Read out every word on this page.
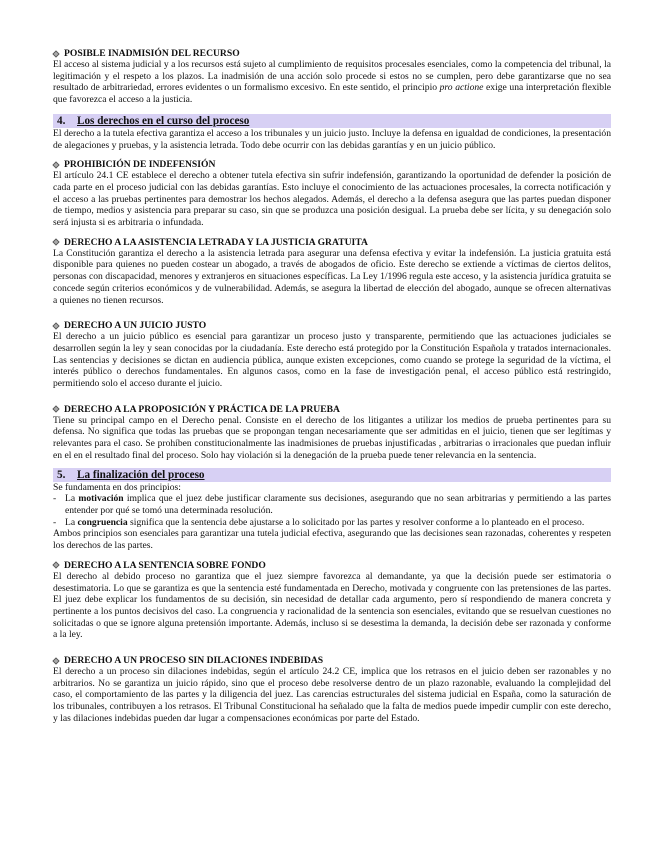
POSIBLE INADMISIÓN DEL RECURSO

El acceso al sistema judicial y a los recursos está sujeto al cumplimiento de requisitos procesales esenciales, como la competencia del tribunal, la legitimación y el respeto a los plazos. La inadmisión de una acción solo procede si estos no se cumplen, pero debe garantizarse que no sea resultado de arbitrariedad, errores evidentes o un formalismo excesivo. En este sentido, el principio pro actione exige una interpretación flexible que favorezca el acceso a la justicia.

4.	Los derechos en el curso del proceso

El derecho a la tutela efectiva garantiza el acceso a los tribunales y un juicio justo. Incluye la defensa en igualdad de condiciones, la presentación de alegaciones y pruebas, y la asistencia letrada. Todo debe ocurrir con las debidas garantías y en un juicio público.

PROHIBICIÓN DE INDEFENSIÓN

El artículo 24.1 CE establece el derecho a obtener tutela efectiva sin sufrir indefensión, garantizando la oportunidad de defender la posición de cada parte en el proceso judicial con las debidas garantías. Esto incluye el conocimiento de las actuaciones procesales, la correcta notificación y el acceso a las pruebas pertinentes para demostrar los hechos alegados. Además, el derecho a la defensa asegura que las partes puedan disponer de tiempo, medios y asistencia para preparar su caso, sin que se produzca una posición desigual. La prueba debe ser lícita, y su denegación solo será injusta si es arbitraria o infundada.

DERECHO A LA ASISTENCIA LETRADA Y LA JUSTICIA GRATUITA

La Constitución garantiza el derecho a la asistencia letrada para asegurar una defensa efectiva y evitar la indefensión. La justicia gratuita está disponible para quienes no pueden costear un abogado, a través de abogados de oficio. Este derecho se extiende a víctimas de ciertos delitos, personas con discapacidad, menores y extranjeros en situaciones específicas. La Ley 1/1996 regula este acceso, y la asistencia jurídica gratuita se concede según criterios económicos y de vulnerabilidad. Además, se asegura la libertad de elección del abogado, aunque se ofrecen alternativas a quienes no tienen recursos.

DERECHO A UN JUICIO JUSTO

El derecho a un juicio público es esencial para garantizar un proceso justo y transparente, permitiendo que las actuaciones judiciales se desarrollen según la ley y sean conocidas por la ciudadanía. Este derecho está protegido por la Constitución Española y tratados internacionales. Las sentencias y decisiones se dictan en audiencia pública, aunque existen excepciones, como cuando se protege la seguridad de la víctima, el interés público o derechos fundamentales. En algunos casos, como en la fase de investigación penal, el acceso público está restringido, permitiendo solo el acceso durante el juicio.

DERECHO A LA PROPOSICIÓN Y PRÁCTICA DE LA PRUEBA

Tiene su principal campo en el Derecho penal. Consiste en el derecho de los litigantes a utilizar los medios de prueba pertinentes para su defensa. No significa que todas las pruebas que se propongan tengan necesariamente que ser admitidas en el juicio, tienen que ser legítimas y relevantes para el caso. Se prohíben constitucionalmente las inadmisiones de pruebas injustificadas , arbitrarias o irracionales que puedan influir en el en el resultado final del proceso. Solo hay violación si la denegación de la prueba puede tener relevancia en la sentencia.

5.	La finalización del proceso

Se fundamenta en dos principios:

- La motivación implica que el juez debe justificar claramente sus decisiones, asegurando que no sean arbitrarias y permitiendo a las partes entender por qué se tomó una determinada resolución.
- La congruencia significa que la sentencia debe ajustarse a lo solicitado por las partes y resolver conforme a lo planteado en el proceso.

Ambos principios son esenciales para garantizar una tutela judicial efectiva, asegurando que las decisiones sean razonadas, coherentes y respeten los derechos de las partes.

DERECHO A LA SENTENCIA SOBRE FONDO

El derecho al debido proceso no garantiza que el juez siempre favorezca al demandante, ya que la decisión puede ser estimatoria o desestimatoria. Lo que se garantiza es que la sentencia esté fundamentada en Derecho, motivada y congruente con las pretensiones de las partes. El juez debe explicar los fundamentos de su decisión, sin necesidad de detallar cada argumento, pero sí respondiendo de manera concreta y pertinente a los puntos decisivos del caso. La congruencia y racionalidad de la sentencia son esenciales, evitando que se resuelvan cuestiones no solicitadas o que se ignore alguna pretensión importante. Además, incluso si se desestima la demanda, la decisión debe ser razonada y conforme a la ley.

DERECHO A UN PROCESO SIN DILACIONES INDEBIDAS

El derecho a un proceso sin dilaciones indebidas, según el artículo 24.2 CE, implica que los retrasos en el juicio deben ser razonables y no arbitrarios. No se garantiza un juicio rápido, sino que el proceso debe resolverse dentro de un plazo razonable, evaluando la complejidad del caso, el comportamiento de las partes y la diligencia del juez. Las carencias estructurales del sistema judicial en España, como la saturación de los tribunales, contribuyen a los retrasos. El Tribunal Constitucional ha señalado que la falta de medios puede impedir cumplir con este derecho, y las dilaciones indebidas pueden dar lugar a compensaciones económicas por parte del Estado.
